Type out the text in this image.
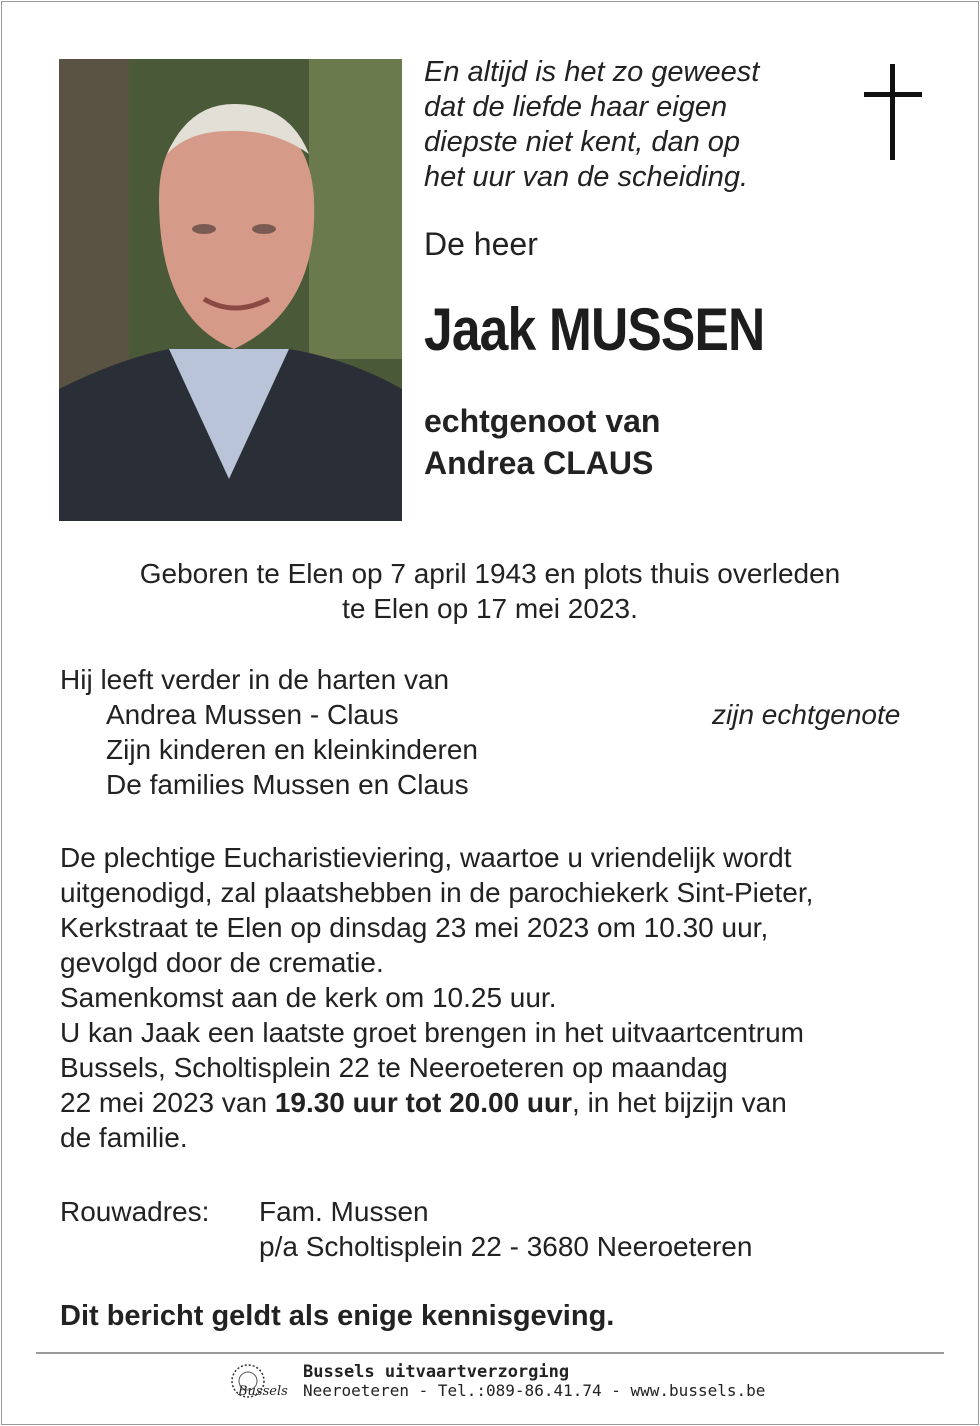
En altijd is het zo geweest
dat de liefde haar eigen
diepste niet kent, dan op
het uur van de scheiding.
De heer
Jaak MUSSEN
echtgenoot van
Andrea CLAUS
Geboren te Elen op 7 april 1943 en plots thuis overleden
te Elen op 17 mei 2023.
Hij leeft verder in de harten van
Andrea Mussen - Claus	zijn echtgenote
Zijn kinderen en kleinkinderen
De families Mussen en Claus
De plechtige Eucharistieviering, waartoe u vriendelijk wordt
uitgenodigd, zal plaatshebben in de parochiekerk Sint-Pieter,
Kerkstraat te Elen op dinsdag 23 mei 2023 om 10.30 uur,
gevolgd door de crematie.
Samenkomst aan de kerk om 10.25 uur.
U kan Jaak een laatste groet brengen in het uitvaartcentrum
Bussels, Scholtisplein 22 te Neeroeteren op maandag
22 mei 2023 van 19.30 uur tot 20.00 uur, in het bijzijn van
de familie.
Rouwadres: Fam. Mussen
p/a Scholtisplein 22 - 3680 Neeroeteren
Dit bericht geldt als enige kennisgeving.
Bussels
Bussels uitvaartverzorging
Neeroeteren - Tel.:089-86.41.74 - www.bussels.be
